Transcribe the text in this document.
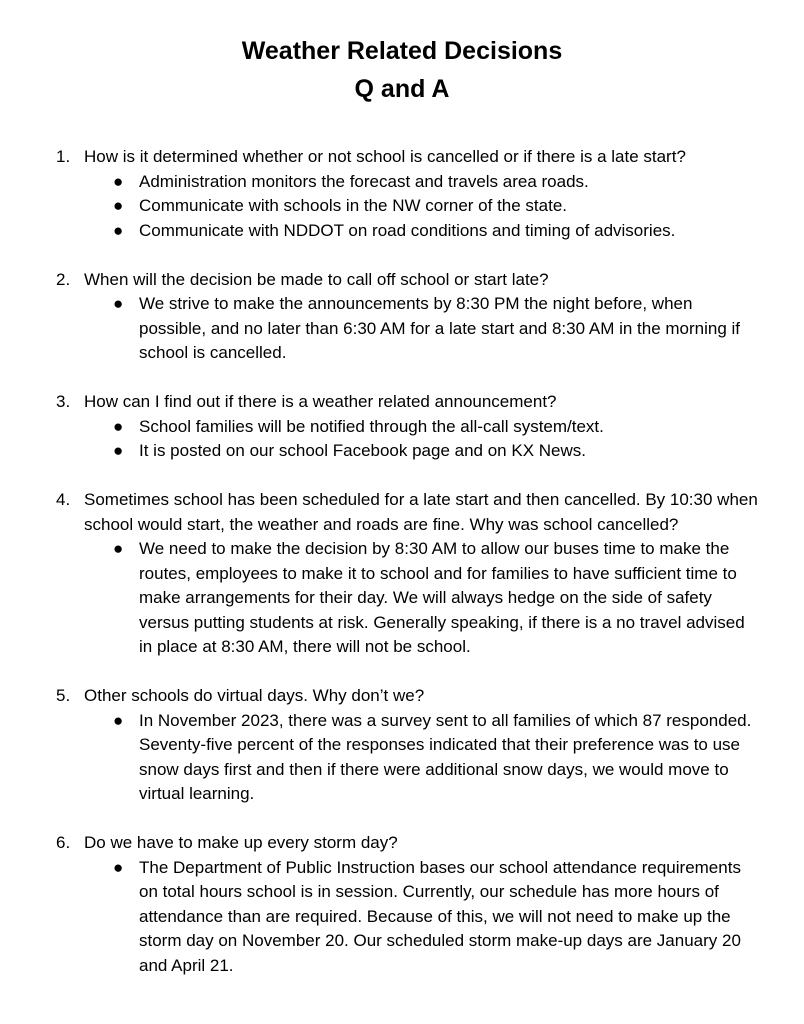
Weather Related Decisions
Q and A
1. How is it determined whether or not school is cancelled or if there is a late start?

● Administration monitors the forecast and travels area roads.
● Communicate with schools in the NW corner of the state.
● Communicate with NDDOT on road conditions and timing of advisories.
2. When will the decision be made to call off school or start late?

● We strive to make the announcements by 8:30 PM the night before, when possible, and no later than 6:30 AM for a late start and 8:30 AM in the morning if school is cancelled.
3. How can I find out if there is a weather related announcement?

● School families will be notified through the all-call system/text.
● It is posted on our school Facebook page and on KX News.
4. Sometimes school has been scheduled for a late start and then cancelled. By 10:30 when school would start, the weather and roads are fine. Why was school cancelled?

● We need to make the decision by 8:30 AM to allow our buses time to make the routes, employees to make it to school and for families to have sufficient time to make arrangements for their day. We will always hedge on the side of safety versus putting students at risk. Generally speaking, if there is a no travel advised in place at 8:30 AM, there will not be school.
5. Other schools do virtual days. Why don’t we?

● In November 2023, there was a survey sent to all families of which 87 responded. Seventy-five percent of the responses indicated that their preference was to use snow days first and then if there were additional snow days, we would move to virtual learning.
6. Do we have to make up every storm day?

● The Department of Public Instruction bases our school attendance requirements on total hours school is in session. Currently, our schedule has more hours of attendance than are required. Because of this, we will not need to make up the storm day on November 20. Our scheduled storm make-up days are January 20 and April 21.
